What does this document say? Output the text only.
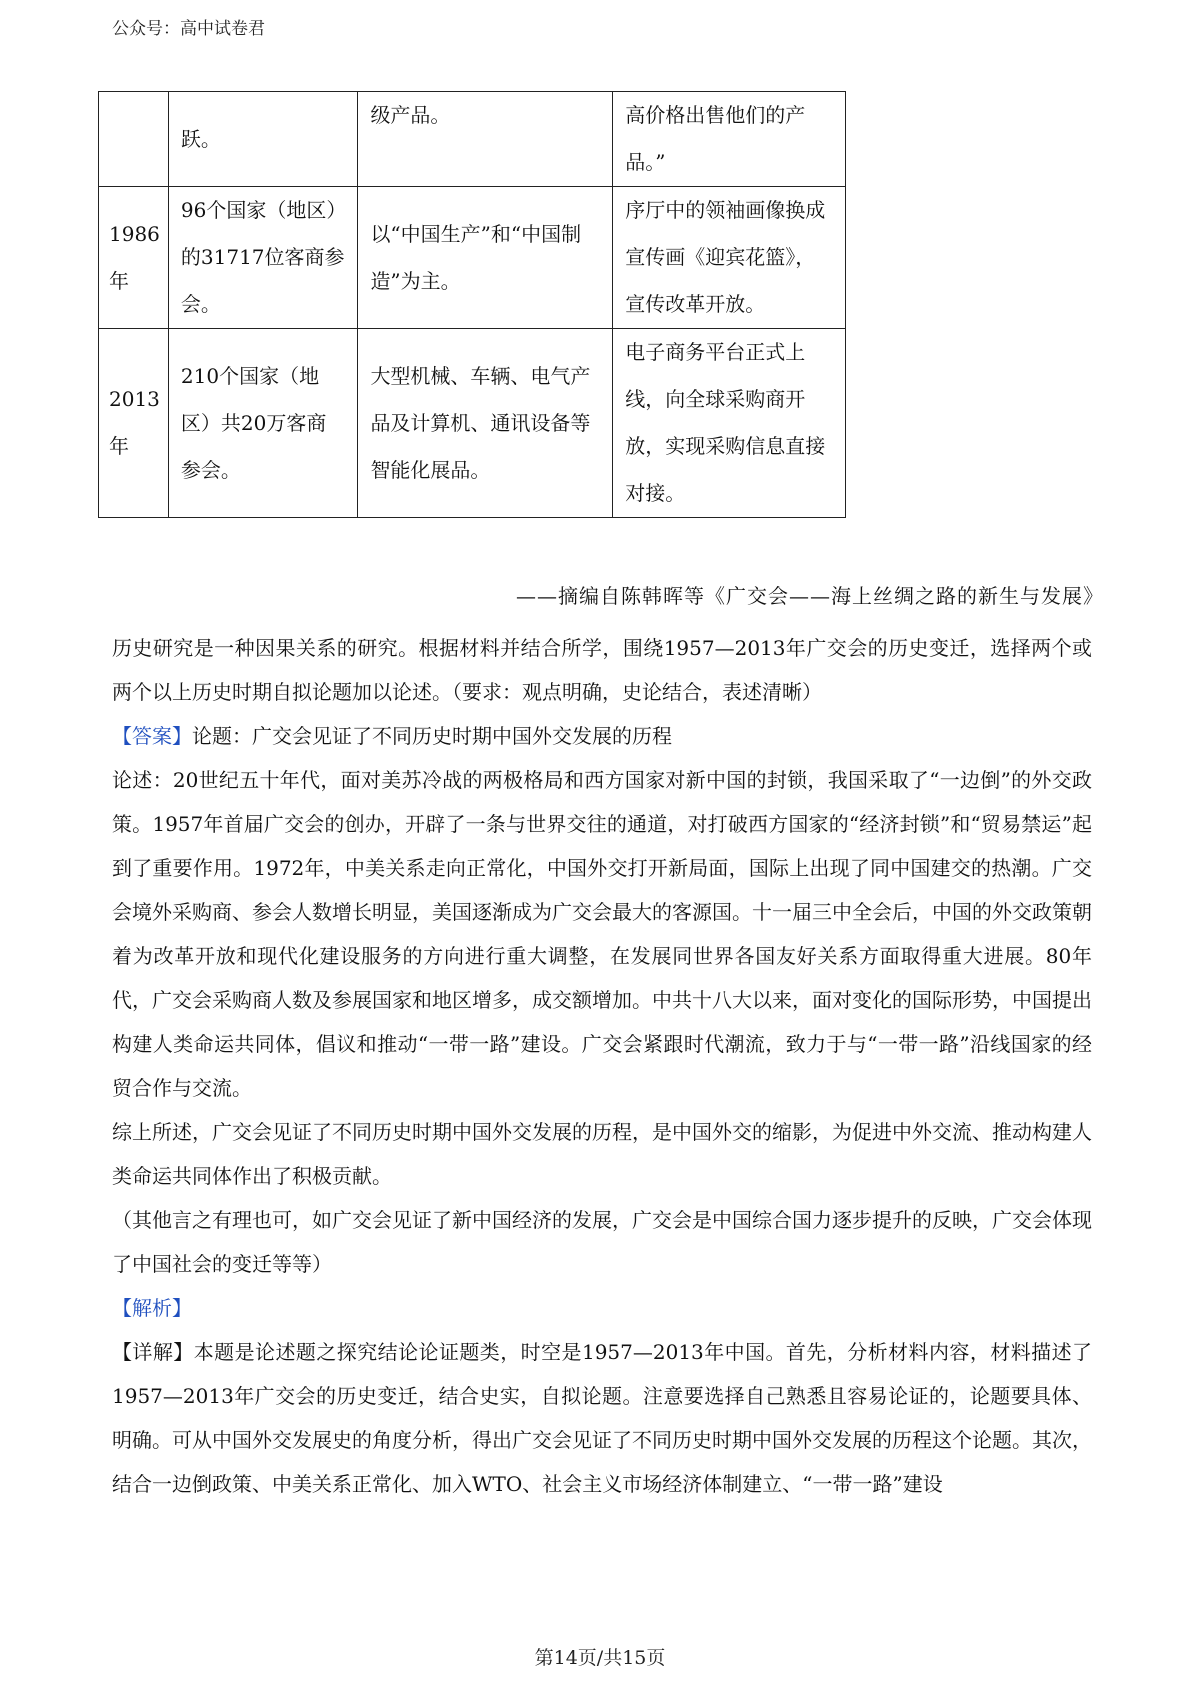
公众号：高中试卷君
	跃。	级产品。	高价格出售他们的产品。”
1986年	96个国家（地区）的31717位客商参会。	以“中国生产”和“中国制造”为主。	序厅中的领袖画像换成宣传画《迎宾花篮》，宣传改革开放。
2013年	210个国家（地区）共20万客商参会。	大型机械、车辆、电气产品及计算机、通讯设备等智能化展品。	电子商务平台正式上线，向全球采购商开放，实现采购信息直接对接。
——摘编自陈韩晖等《广交会——海上丝绸之路的新生与发展》

历史研究是一种因果关系的研究。根据材料并结合所学，围绕1957—2013年广交会的历史变迁，选择两个或两个以上历史时期自拟论题加以论述。（要求：观点明确，史论结合，表述清晰）

【答案】论题：广交会见证了不同历史时期中国外交发展的历程

论述：20世纪五十年代，面对美苏冷战的两极格局和西方国家对新中国的封锁，我国采取了“一边倒”的外交政策。1957年首届广交会的创办，开辟了一条与世界交往的通道，对打破西方国家的“经济封锁”和“贸易禁运”起到了重要作用。1972年，中美关系走向正常化，中国外交打开新局面，国际上出现了同中国建交的热潮。广交会境外采购商、参会人数增长明显，美国逐渐成为广交会最大的客源国。十一届三中全会后，中国的外交政策朝着为改革开放和现代化建设服务的方向进行重大调整，在发展同世界各国友好关系方面取得重大进展。80年代，广交会采购商人数及参展国家和地区增多，成交额增加。中共十八大以来，面对变化的国际形势，中国提出构建人类命运共同体，倡议和推动“一带一路”建设。广交会紧跟时代潮流，致力于与“一带一路”沿线国家的经贸合作与交流。

综上所述，广交会见证了不同历史时期中国外交发展的历程，是中国外交的缩影，为促进中外交流、推动构建人类命运共同体作出了积极贡献。

（其他言之有理也可，如广交会见证了新中国经济的发展，广交会是中国综合国力逐步提升的反映，广交会体现了中国社会的变迁等等）

【解析】

【详解】本题是论述题之探究结论论证题类，时空是1957—2013年中国。首先，分析材料内容，材料描述了1957—2013年广交会的历史变迁，结合史实，自拟论题。注意要选择自己熟悉且容易论证的，论题要具体、明确。可从中国外交发展史的角度分析，得出广交会见证了不同历史时期中国外交发展的历程这个论题。其次，结合一边倒政策、中美关系正常化、加入WTO、社会主义市场经济体制建立、“一带一路”建设

第14页/共15页
